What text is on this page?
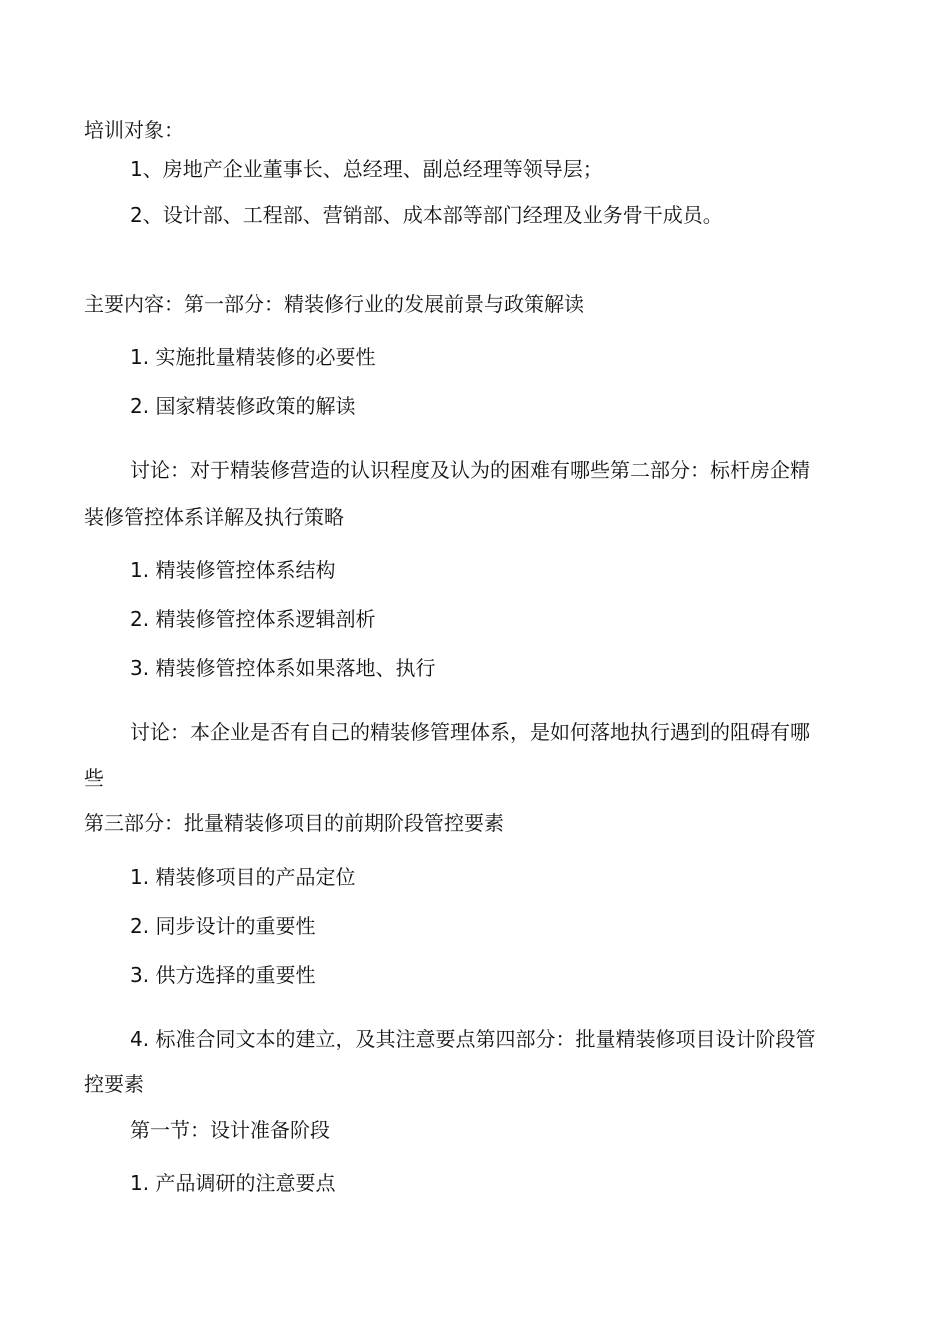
培训对象：

1、房地产企业董事长、总经理、副总经理等领导层；

2、设计部、工程部、营销部、成本部等部门经理及业务骨干成员。

主要内容：第一部分：精装修行业的发展前景与政策解读

1. 实施批量精装修的必要性

2. 国家精装修政策的解读

讨论：对于精装修营造的认识程度及认为的困难有哪些第二部分：标杆房企精

装修管控体系详解及执行策略

1. 精装修管控体系结构

2. 精装修管控体系逻辑剖析

3. 精装修管控体系如果落地、执行

讨论：本企业是否有自己的精装修管理体系，是如何落地执行遇到的阻碍有哪

些

第三部分：批量精装修项目的前期阶段管控要素

1. 精装修项目的产品定位

2. 同步设计的重要性

3. 供方选择的重要性

4. 标准合同文本的建立，及其注意要点第四部分：批量精装修项目设计阶段管

控要素

第一节：设计准备阶段

1. 产品调研的注意要点
